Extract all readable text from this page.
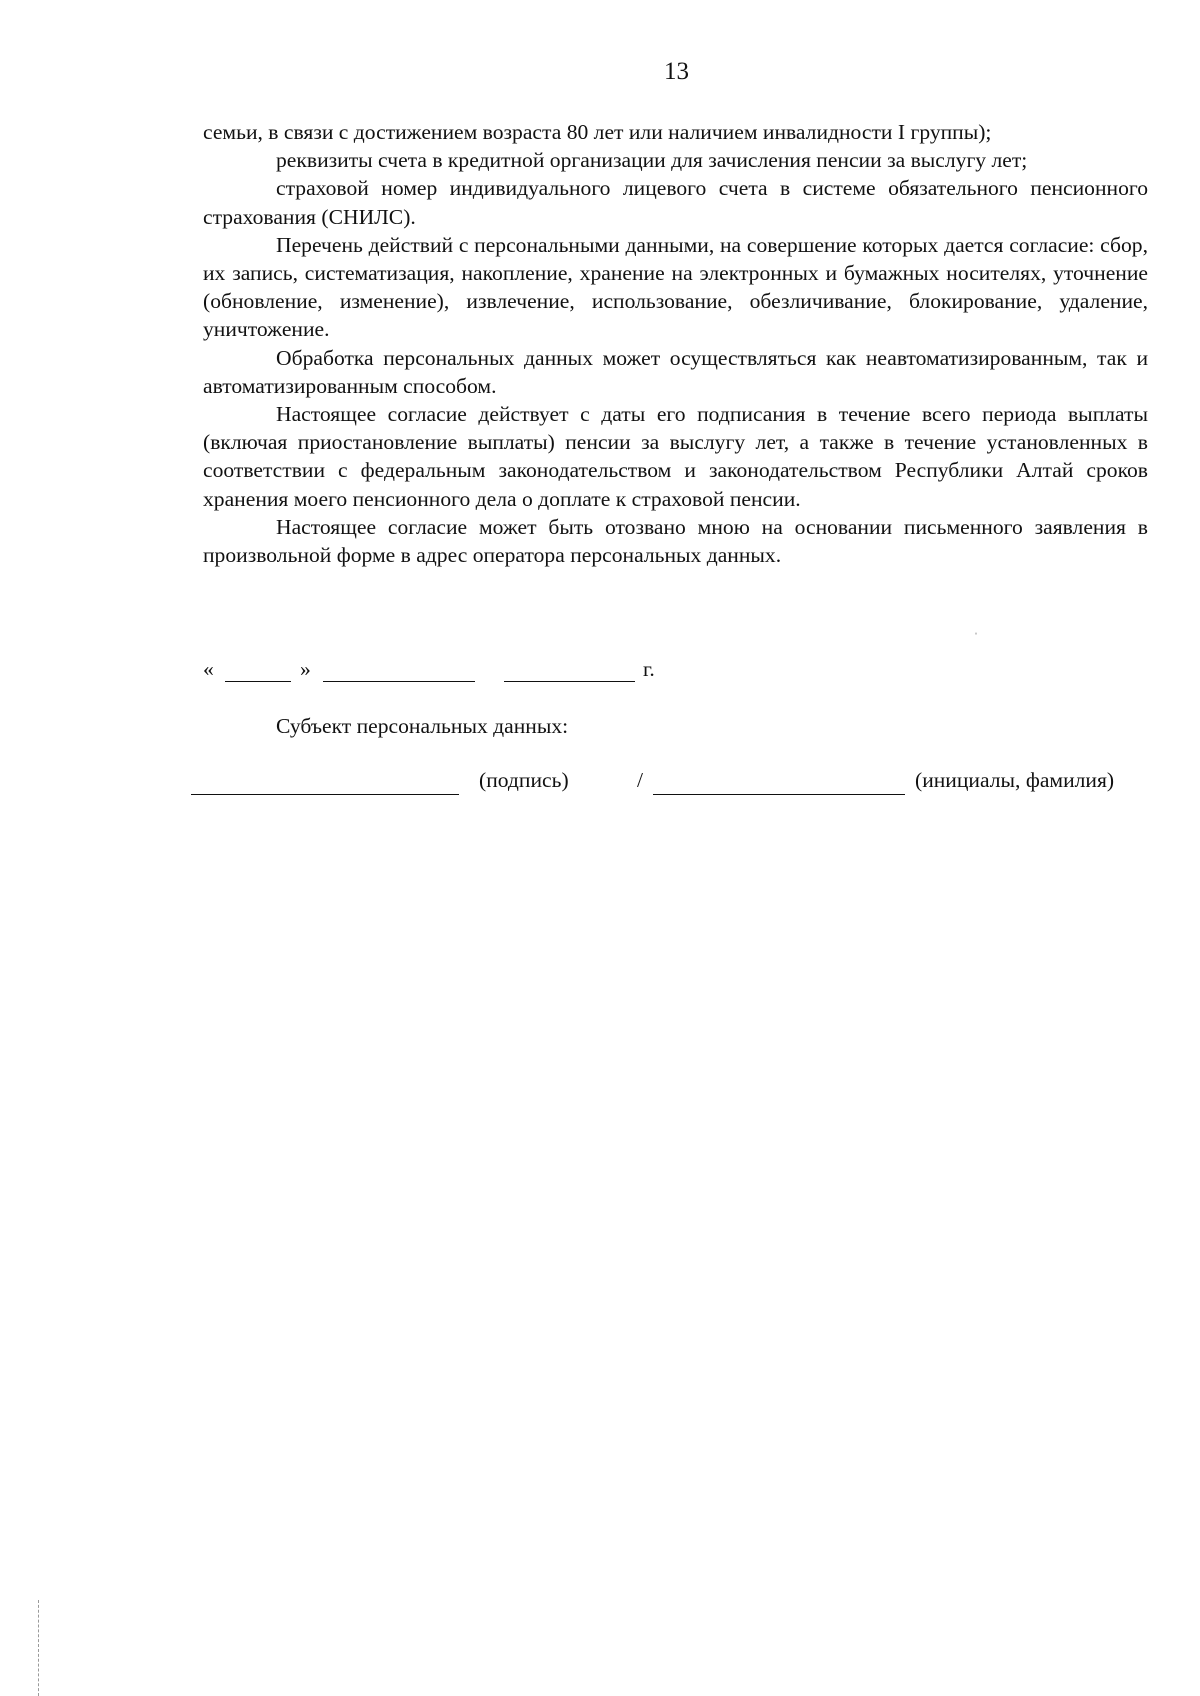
13

семьи, в связи с достижением возраста 80 лет или наличием инвалидности I группы);

реквизиты счета в кредитной организации для зачисления пенсии за выслугу лет;

страховой номер индивидуального лицевого счета в системе обязательного пенсионного страхования (СНИЛС).

Перечень действий с персональными данными, на совершение которых дается согласие: сбор, их запись, систематизация, накопление, хранение на электронных и бумажных носителях, уточнение (обновление, изменение), извлечение, использование, обезличивание, блокирование, удаление, уничтожение.

Обработка персональных данных может осуществляться как неавтоматизированным, так и автоматизированным способом.

Настоящее согласие действует с даты его подписания в течение всего периода выплаты (включая приостановление выплаты) пенсии за выслугу лет, а также в течение установленных в соответствии с федеральным законодательством и законодательством Республики Алтай сроков хранения моего пенсионного дела о доплате к страховой пенсии.

Настоящее согласие может быть отозвано мною на основании письменного заявления в произвольной форме в адрес оператора персональных данных.

ˈ
«	»	г.
Субъект персональных данных:
(подпись)	/	(инициалы, фамилия)
